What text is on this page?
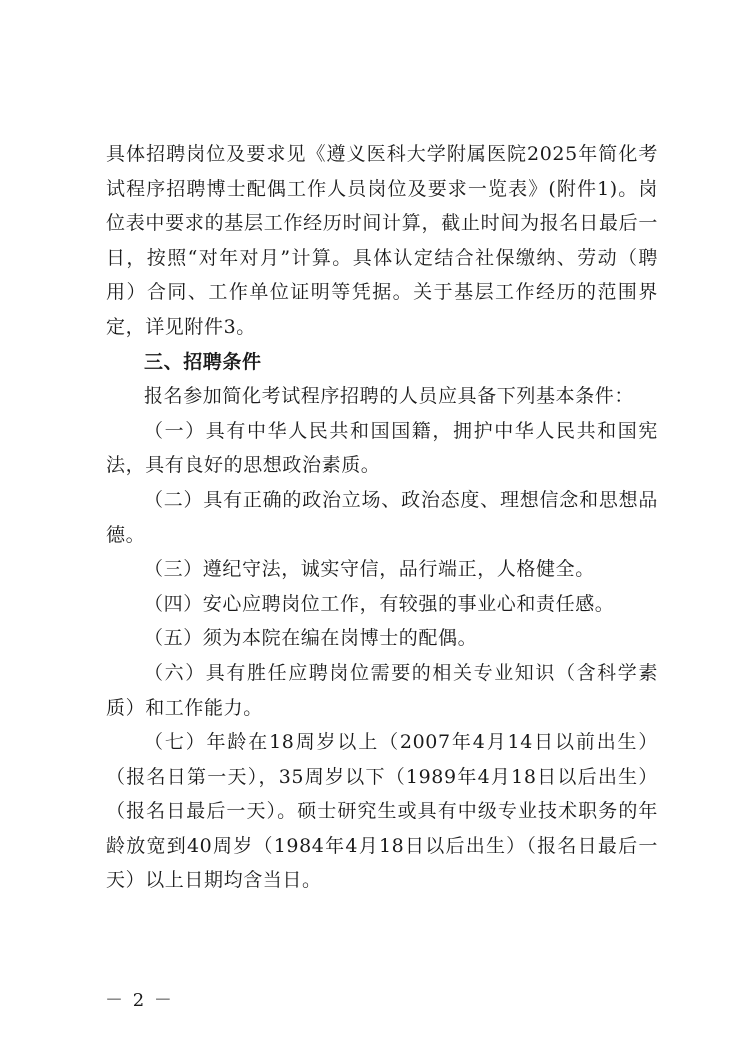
具体招聘岗位及要求见《遵义医科大学附属医院2025年简化考试程序招聘博士配偶工作人员岗位及要求一览表》(附件1)。岗位表中要求的基层工作经历时间计算，截止时间为报名日最后一日，按照“对年对月”计算。具体认定结合社保缴纳、劳动（聘用）合同、工作单位证明等凭据。关于基层工作经历的范围界定，详见附件3。

三、招聘条件

报名参加简化考试程序招聘的人员应具备下列基本条件：

（一）具有中华人民共和国国籍，拥护中华人民共和国宪法，具有良好的思想政治素质。

（二）具有正确的政治立场、政治态度、理想信念和思想品德。

（三）遵纪守法，诚实守信，品行端正，人格健全。

（四）安心应聘岗位工作，有较强的事业心和责任感。

（五）须为本院在编在岗博士的配偶。

（六）具有胜任应聘岗位需要的相关专业知识（含科学素质）和工作能力。

（七）年龄在18周岁以上（2007年4月14日以前出生）（报名日第一天），35周岁以下（1989年4月18日以后出生）（报名日最后一天）。硕士研究生或具有中级专业技术职务的年龄放宽到40周岁（1984年4月18日以后出生）（报名日最后一天）以上日期均含当日。

－ 2 －
